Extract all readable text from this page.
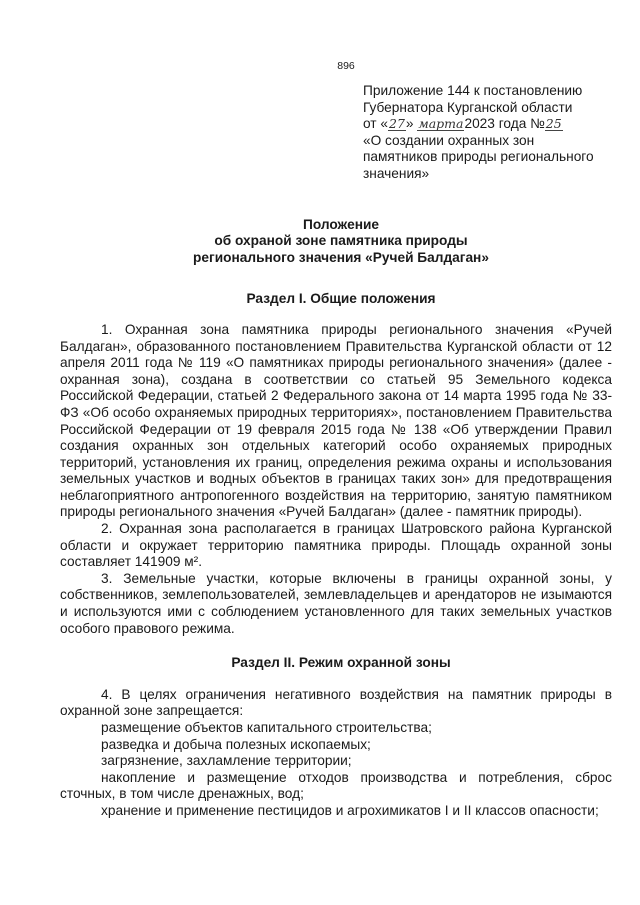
896
Приложение 144 к постановлению
Губернатора Курганской области
от «27» марта2023 года №25
«О создании охранных зон
памятников природы регионального
значения»
Положение
об охраной зоне памятника природы
регионального значения «Ручей Балдаган»
Раздел I. Общие положения

1. Охранная зона памятника природы регионального значения «Ручей Балдаган», образованного постановлением Правительства Курганской области от 12 апреля 2011 года № 119 «О памятниках природы регионального значения» (далее - охранная зона), создана в соответствии со статьей 95 Земельного кодекса Российской Федерации, статьей 2 Федерального закона от 14 марта 1995 года № 33-ФЗ «Об особо охраняемых природных территориях», постановлением Правительства Российской Федерации от 19 февраля 2015 года № 138 «Об утверждении Правил создания охранных зон отдельных категорий особо охраняемых природных территорий, установления их границ, определения режима охраны и использования земельных участков и водных объектов в границах таких зон» для предотвращения неблагоприятного антропогенного воздействия на территорию, занятую памятником природы регионального значения «Ручей Балдаган» (далее - памятник природы).

2. Охранная зона располагается в границах Шатровского района Курганской области и окружает территорию памятника природы. Площадь охранной зоны составляет 141909 м².

3. Земельные участки, которые включены в границы охранной зоны, у собственников, землепользователей, землевладельцев и арендаторов не изымаются и используются ими с соблюдением установленного для таких земельных участков особого правового режима.

Раздел II. Режим охранной зоны

4. В целях ограничения негативного воздействия на памятник природы в охранной зоне запрещается:

размещение объектов капитального строительства;

разведка и добыча полезных ископаемых;

загрязнение, захламление территории;

накопление и размещение отходов производства и потребления, сброс сточных, в том числе дренажных, вод;

хранение и применение пестицидов и агрохимикатов I и II классов опасности;
